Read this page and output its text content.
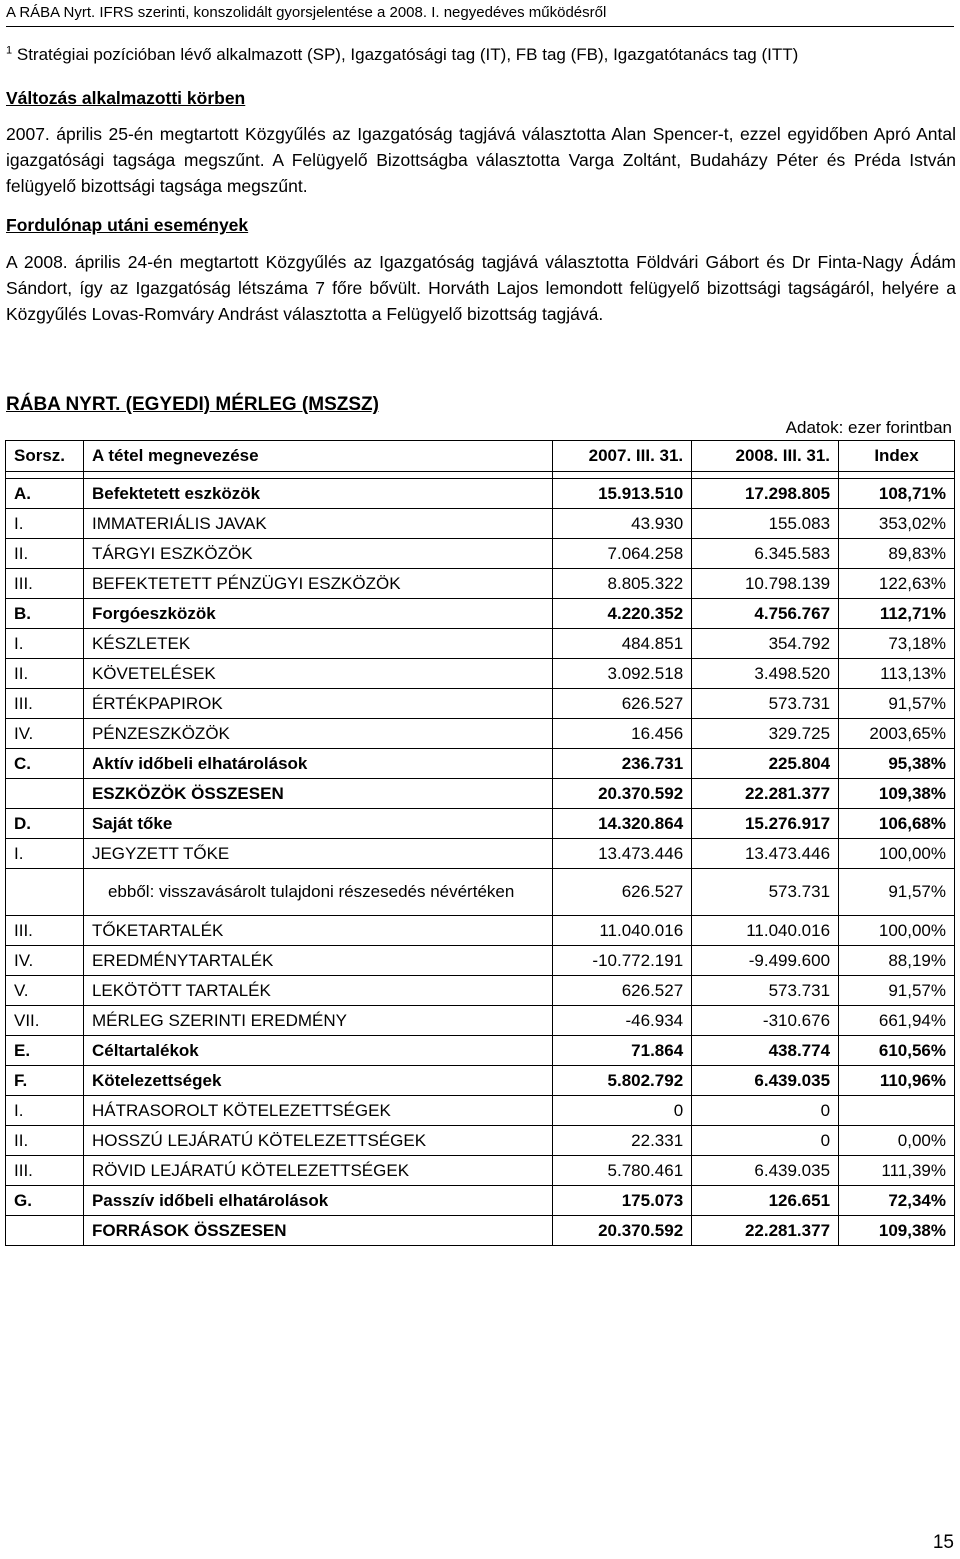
A RÁBA Nyrt. IFRS szerinti, konszolidált gyorsjelentése a 2008. I. negyedéves működésről
$^1$ Stratégiai pozícióban lévő alkalmazott (SP), Igazgatósági tag (IT), FB tag (FB), Igazgatótanács tag (ITT)
Változás alkalmazotti körben
2007. április 25-én megtartott Közgyűlés az Igazgatóság tagjává választotta Alan Spencer-t, ezzel egyidőben Apró Antal igazgatósági tagsága megszűnt. A Felügyelő Bizottságba választotta Varga Zoltánt, Budaházy Péter és Préda István felügyelő bizottsági tagsága megszűnt.
Fordulónap utáni események
A 2008. április 24-én megtartott Közgyűlés az Igazgatóság tagjává választotta Földvári Gábort és Dr Finta-Nagy Ádám Sándort, így az Igazgatóság létszáma 7 főre bővült. Horváth Lajos lemondott felügyelő bizottsági tagságáról, helyére a Közgyűlés Lovas-Romváry Andrást választotta a Felügyelő bizottság tagjává.
RÁBA NYRT. (EGYEDI) MÉRLEG (MSZSZ)
Adatok: ezer forintban
Sorsz.	A tétel megnevezése	2007. III. 31.	2008. III. 31.	Index

A.	Befektetett eszközök	15.913.510	17.298.805	108,71%
I.	IMMATERIÁLIS JAVAK	43.930	155.083	353,02%
II.	TÁRGYI ESZKÖZÖK	7.064.258	6.345.583	89,83%
III.	BEFEKTETETT PÉNZÜGYI ESZKÖZÖK	8.805.322	10.798.139	122,63%
B.	Forgóeszközök	4.220.352	4.756.767	112,71%
I.	KÉSZLETEK	484.851	354.792	73,18%
II.	KÖVETELÉSEK	3.092.518	3.498.520	113,13%
III.	ÉRTÉKPAPIROK	626.527	573.731	91,57%
IV.	PÉNZESZKÖZÖK	16.456	329.725	2003,65%
C.	Aktív időbeli elhatárolások	236.731	225.804	95,38%
	ESZKÖZÖK ÖSSZESEN	20.370.592	22.281.377	109,38%
D.	Saját tőke	14.320.864	15.276.917	106,68%
I.	JEGYZETT TŐKE	13.473.446	13.473.446	100,00%
	ebből: visszavásárolt tulajdoni részesedés névértéken	626.527	573.731	91,57%
III.	TŐKETARTALÉK	11.040.016	11.040.016	100,00%
IV.	EREDMÉNYTARTALÉK	-10.772.191	-9.499.600	88,19%
V.	LEKÖTÖTT TARTALÉK	626.527	573.731	91,57%
VII.	MÉRLEG SZERINTI EREDMÉNY	-46.934	-310.676	661,94%
E.	Céltartalékok	71.864	438.774	610,56%
F.	Kötelezettségek	5.802.792	6.439.035	110,96%
I.	HÁTRASOROLT KÖTELEZETTSÉGEK	0	0	
II.	HOSSZÚ LEJÁRATÚ KÖTELEZETTSÉGEK	22.331	0	0,00%
III.	RÖVID LEJÁRATÚ KÖTELEZETTSÉGEK	5.780.461	6.439.035	111,39%
G.	Passzív időbeli elhatárolások	175.073	126.651	72,34%
	FORRÁSOK ÖSSZESEN	20.370.592	22.281.377	109,38%
15
